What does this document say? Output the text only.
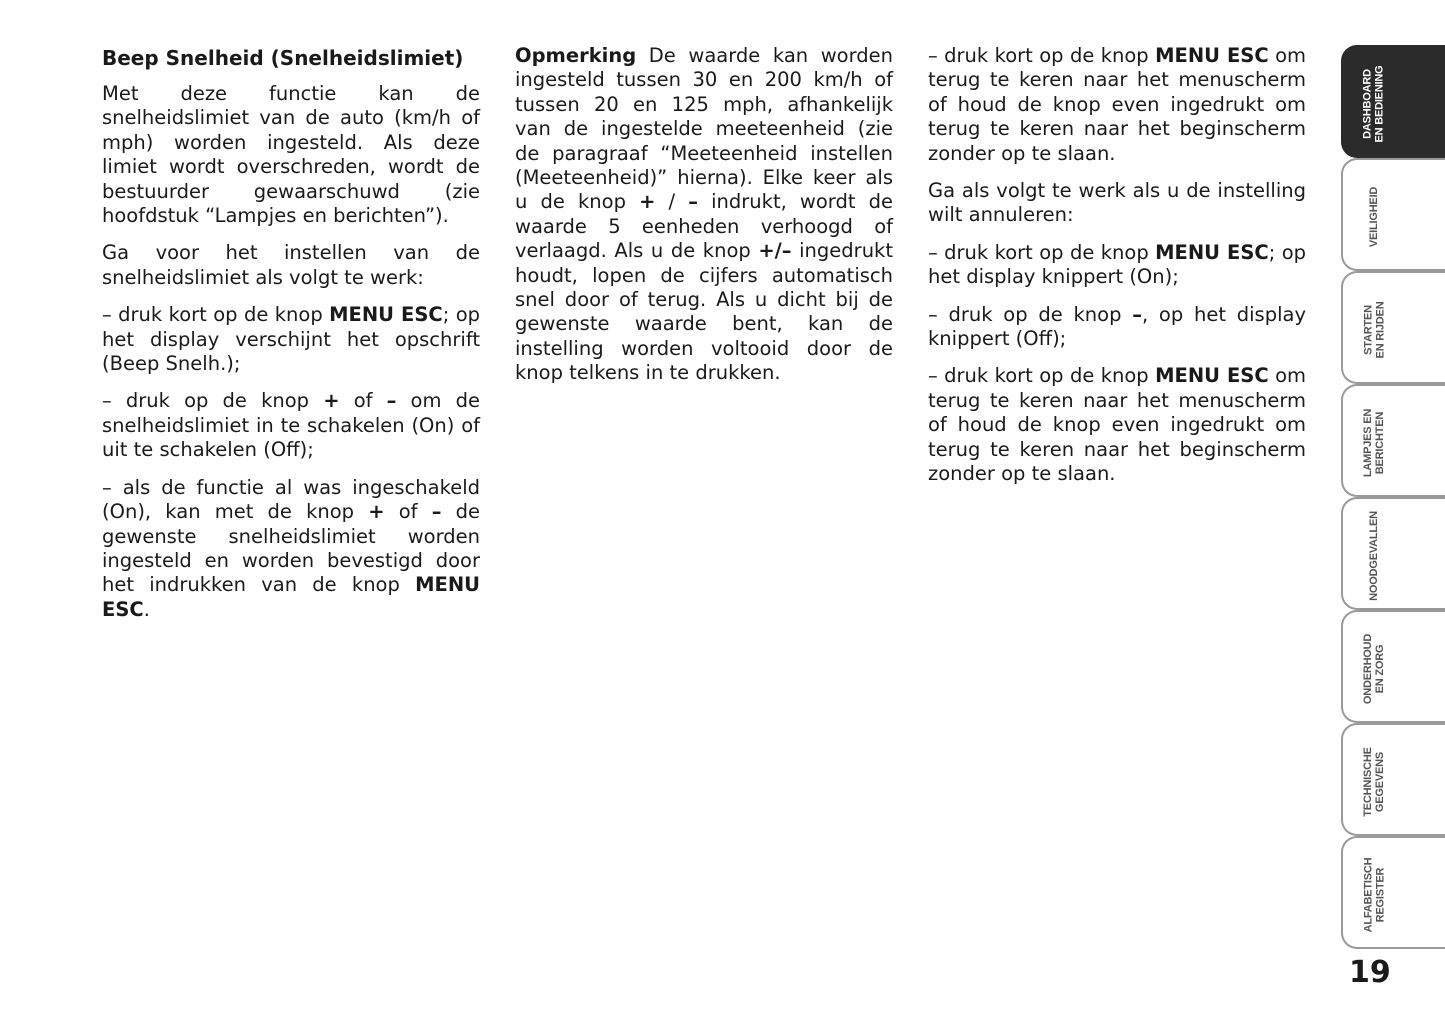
Beep Snelheid (Snelheidslimiet)

Met deze functie kan de snelheidslimiet van de auto (km/h of mph) worden ingesteld. Als deze limiet wordt overschreden, wordt de bestuurder gewaarschuwd (zie hoofdstuk “Lampjes en berichten”).

Ga voor het instellen van de snelheidslimiet als volgt te werk:

– druk kort op de knop MENU ESC; op het display verschijnt het opschrift (Beep Snelh.);

– druk op de knop + of – om de snelheidslimiet in te schakelen (On) of uit te schakelen (Off);

– als de functie al was ingeschakeld (On), kan met de knop + of – de gewenste snelheidslimiet worden ingesteld en worden bevestigd door het indrukken van de knop MENU ESC.

Opmerking De waarde kan worden ingesteld tussen 30 en 200 km/h of tussen 20 en 125 mph, afhankelijk van de ingestelde meeteenheid (zie de paragraaf “Meeteenheid instellen (Meeteenheid)” hierna). Elke keer als u de knop + / – indrukt, wordt de waarde 5 eenheden verhoogd of verlaagd. Als u de knop +/– ingedrukt houdt, lopen de cijfers automatisch snel door of terug. Als u dicht bij de gewenste waarde bent, kan de instelling worden voltooid door de knop telkens in te drukken.

– druk kort op de knop MENU ESC om terug te keren naar het menuscherm of houd de knop even ingedrukt om terug te keren naar het beginscherm zonder op te slaan.

Ga als volgt te werk als u de instelling wilt annuleren:

– druk kort op de knop MENU ESC; op het display knippert (On);

– druk op de knop –, op het display knippert (Off);

– druk kort op de knop MENU ESC om terug te keren naar het menuscherm of houd de knop even ingedrukt om terug te keren naar het beginscherm zonder op te slaan.

DASHBOARD
EN BEDIENING
VEILIGHEID
STARTEN
EN RIJDEN
LAMPJES EN
BERICHTEN
NOODGEVALLEN
ONDERHOUD
EN ZORG
TECHNISCHE
GEGEVENS
ALFABETISCH
REGISTER
19
